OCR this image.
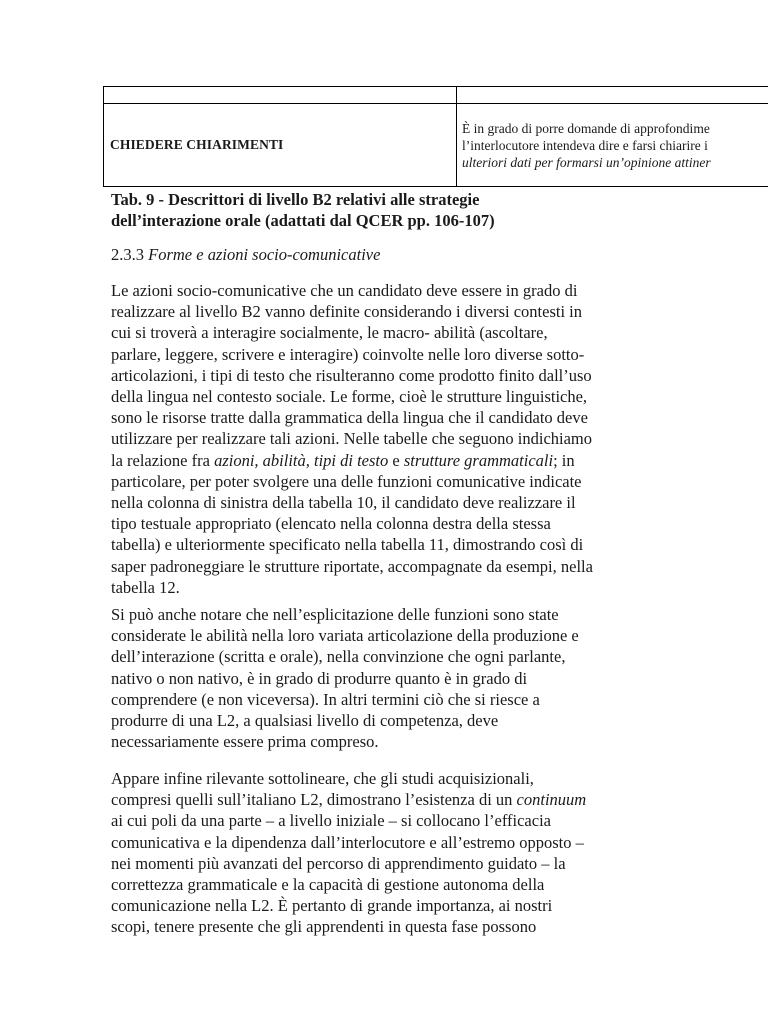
CHIEDERE CHIARIMENTI	È in grado di porre domande di approfondime
l’interlocutore intendeva dire e farsi chiarire i
ulteriori dati per formarsi un’opinione attiner
Tab. 9 - Descrittori di livello B2 relativi alle strategie
dell’interazione orale (adattati dal QCER pp. 106-107)
2.3.3 Forme e azioni socio-comunicative
Le azioni socio-comunicative che un candidato deve essere in grado di
realizzare al livello B2 vanno definite considerando i diversi contesti in
cui si troverà a interagire socialmente, le macro- abilità (ascoltare,
parlare, leggere, scrivere e interagire) coinvolte nelle loro diverse sotto-
articolazioni, i tipi di testo che risulteranno come prodotto finito dall’uso
della lingua nel contesto sociale. Le forme, cioè le strutture linguistiche,
sono le risorse tratte dalla grammatica della lingua che il candidato deve
utilizzare per realizzare tali azioni. Nelle tabelle che seguono indichiamo
la relazione fra azioni, abilità, tipi di testo e strutture grammaticali; in
particolare, per poter svolgere una delle funzioni comunicative indicate
nella colonna di sinistra della tabella 10, il candidato deve realizzare il
tipo testuale appropriato (elencato nella colonna destra della stessa
tabella) e ulteriormente specificato nella tabella 11, dimostrando così di
saper padroneggiare le strutture riportate, accompagnate da esempi, nella
tabella 12.
Si può anche notare che nell’esplicitazione delle funzioni sono state
considerate le abilità nella loro variata articolazione della produzione e
dell’interazione (scritta e orale), nella convinzione che ogni parlante,
nativo o non nativo, è in grado di produrre quanto è in grado di
comprendere (e non viceversa). In altri termini ciò che si riesce a
produrre di una L2, a qualsiasi livello di competenza, deve
necessariamente essere prima compreso.
Appare infine rilevante sottolineare, che gli studi acquisizionali,
compresi quelli sull’italiano L2, dimostrano l’esistenza di un continuum
ai cui poli da una parte – a livello iniziale – si collocano l’efficacia
comunicativa e la dipendenza dall’interlocutore e all’estremo opposto –
nei momenti più avanzati del percorso di apprendimento guidato – la
correttezza grammaticale e la capacità di gestione autonoma della
comunicazione nella L2. È pertanto di grande importanza, ai nostri
scopi, tenere presente che gli apprendenti in questa fase possono
